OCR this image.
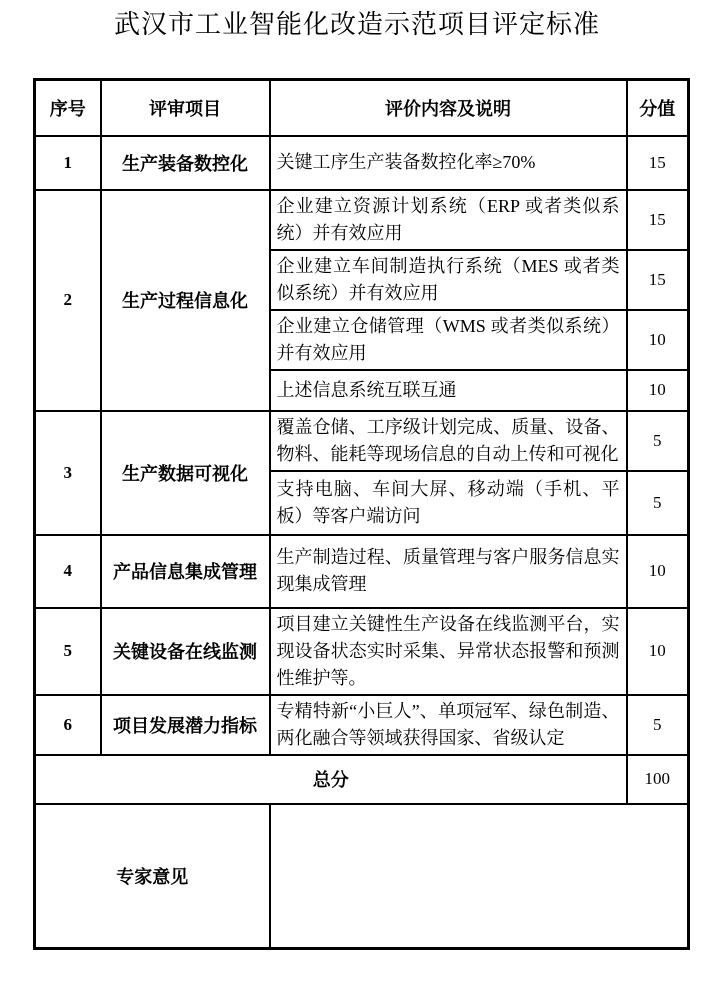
武汉市工业智能化改造示范项目评定标准
序号	评审项目	评价内容及说明	分值
1	生产装备数控化	关键工序生产装备数控化率≥70%	15
2	生产过程信息化	企业建立资源计划系统（ERP 或者类似系统）并有效应用	15
		企业建立车间制造执行系统（MES 或者类似系统）并有效应用	15
		企业建立仓储管理（WMS 或者类似系统）并有效应用	10
		上述信息系统互联互通	10
3	生产数据可视化	覆盖仓储、工序级计划完成、质量、设备、物料、能耗等现场信息的自动上传和可视化	5
		支持电脑、车间大屏、移动端（手机、平板）等客户端访问	5
4	产品信息集成管理	生产制造过程、质量管理与客户服务信息实现集成管理	10
5	关键设备在线监测	项目建立关键性生产设备在线监测平台，实现设备状态实时采集、异常状态报警和预测性维护等。	10
6	项目发展潜力指标	专精特新“小巨人”、单项冠军、绿色制造、两化融合等领域获得国家、省级认定	5
总分			100
专家意见			
